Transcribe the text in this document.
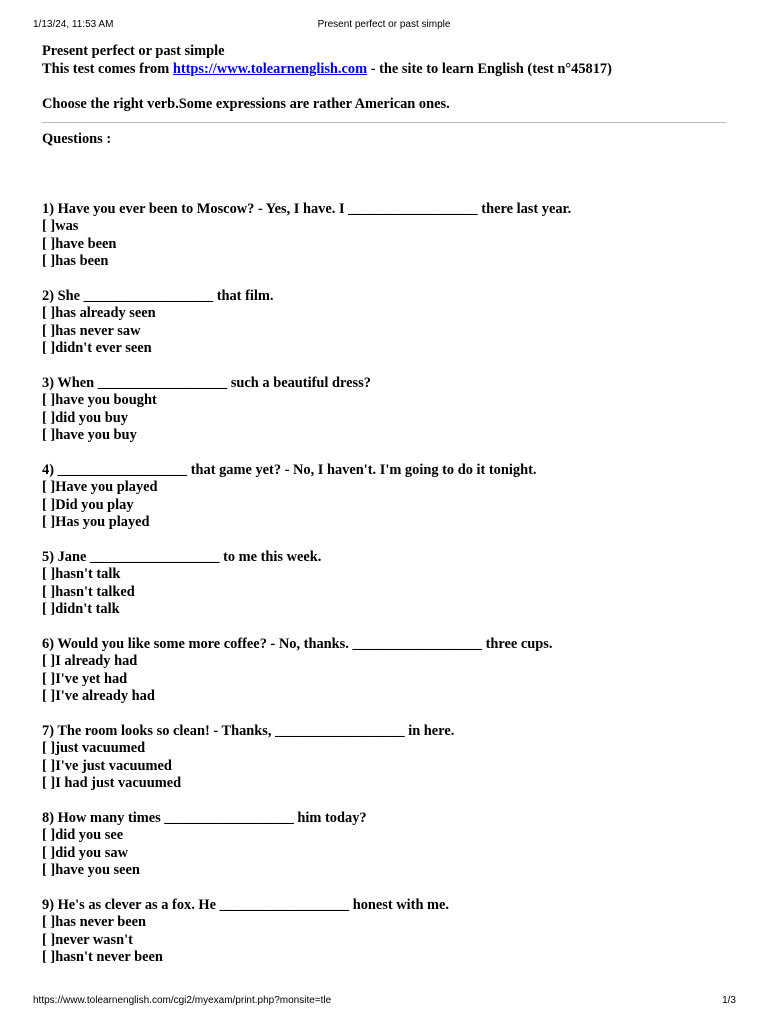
1/13/24, 11:53 AM	Present perfect or past simple

Present perfect or past simple

This test comes from https://www.tolearnenglish.com - the site to learn English (test n°45817)

Choose the right verb.Some expressions are rather American ones.

Questions :

1) Have you ever been to Moscow? - Yes, I have. I __________________ there last year.

[ ]was

[ ]have been

[ ]has been

2) She __________________ that film.

[ ]has already seen

[ ]has never saw

[ ]didn't ever seen

3) When __________________ such a beautiful dress?

[ ]have you bought

[ ]did you buy

[ ]have you buy

4) __________________ that game yet? - No, I haven't. I'm going to do it tonight.

[ ]Have you played

[ ]Did you play

[ ]Has you played

5) Jane __________________ to me this week.

[ ]hasn't talk

[ ]hasn't talked

[ ]didn't talk

6) Would you like some more coffee? - No, thanks. __________________ three cups.

[ ]I already had

[ ]I've yet had

[ ]I've already had

7) The room looks so clean! - Thanks, __________________ in here.

[ ]just vacuumed

[ ]I've just vacuumed

[ ]I had just vacuumed

8) How many times __________________ him today?

[ ]did you see

[ ]did you saw

[ ]have you seen

9) He's as clever as a fox. He __________________ honest with me.

[ ]has never been

[ ]never wasn't

[ ]hasn't never been

https://www.tolearnenglish.com/cgi2/myexam/print.php?monsite=tle	1/3
